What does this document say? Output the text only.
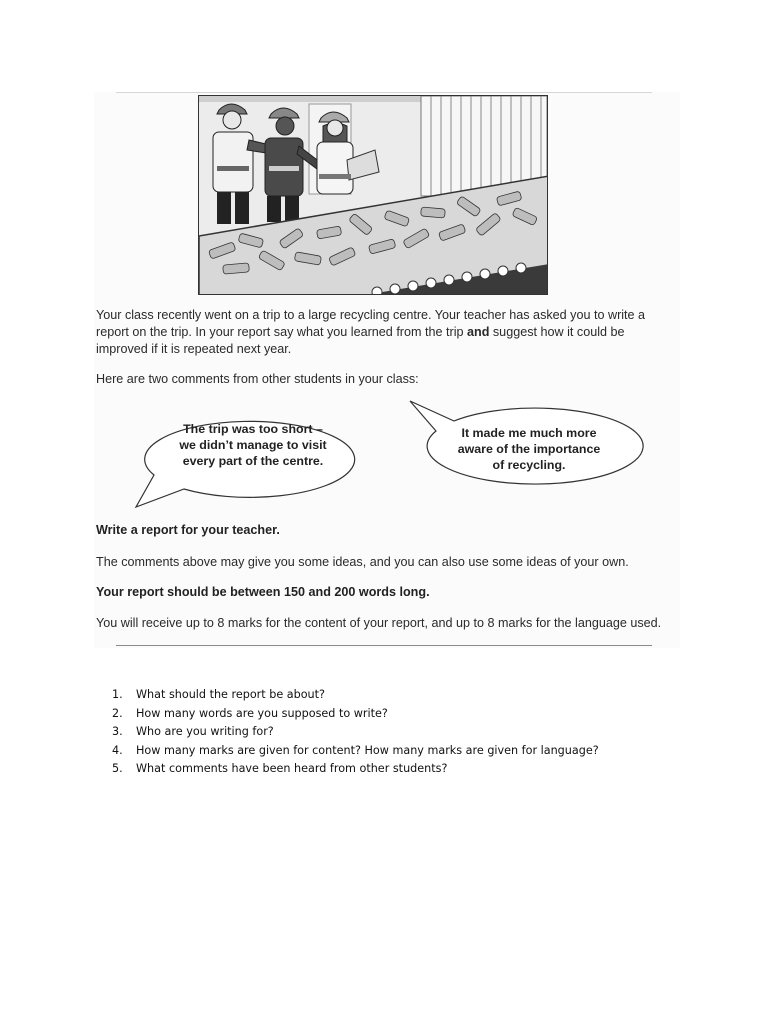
Your class recently went on a trip to a large recycling centre. Your teacher has asked you to write a report on the trip. In your report say what you learned from the trip and suggest how it could be improved if it is repeated next year.
Here are two comments from other students in your class:
The trip was too short –
we didn’t manage to visit
every part of the centre.
It made me much more
aware of the importance
of recycling.
Write a report for your teacher.
The comments above may give you some ideas, and you can also use some ideas of your own.
Your report should be between 150 and 200 words long.
You will receive up to 8 marks for the content of your report, and up to 8 marks for the language used.
1.	What should the report be about?
2.	How many words are you supposed to write?
3.	Who are you writing for?
4.	How many marks are given for content? How many marks are given for language?
5.	What comments have been heard from other students?
